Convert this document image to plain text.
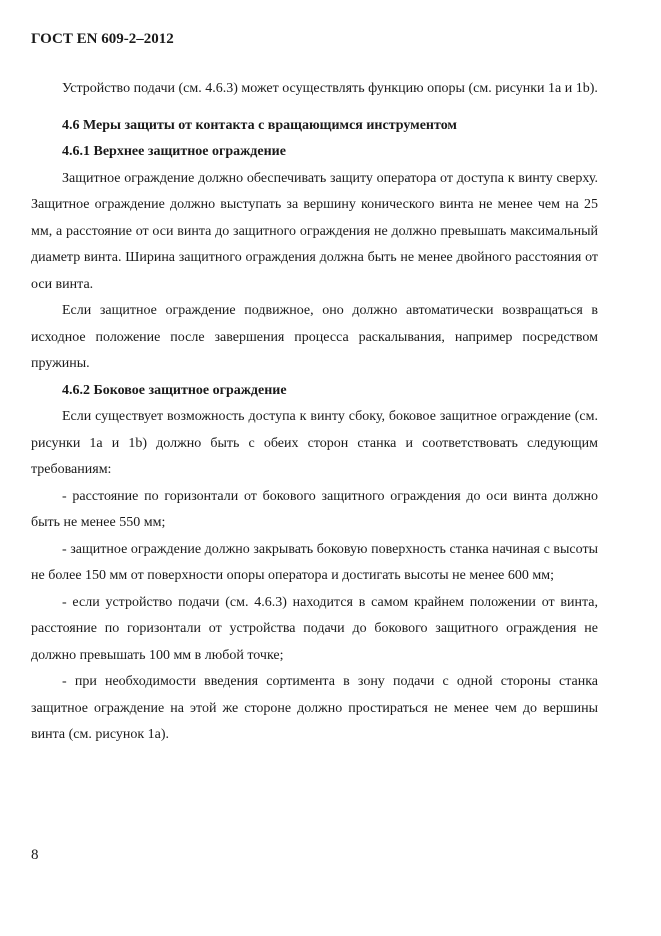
ГОСТ EN 609-2–2012

Устройство подачи (см. 4.6.3) может осуществлять функцию опоры (см. рисунки 1а и 1b).

4.6 Меры защиты от контакта с вращающимся инструментом

4.6.1 Верхнее защитное ограждение

Защитное ограждение должно обеспечивать защиту оператора от доступа к винту сверху. Защитное ограждение должно выступать за вершину конического винта не менее чем на 25 мм, а расстояние от оси винта до защитного ограждения не должно превышать максимальный диаметр винта. Ширина защитного ограждения должна быть не менее двойного расстояния от оси винта.

Если защитное ограждение подвижное, оно должно автоматически возвращаться в исходное положение после завершения процесса раскалывания, например посредством пружины.

4.6.2 Боковое защитное ограждение

Если существует возможность доступа к винту сбоку, боковое защитное ограждение (см. рисунки 1а и 1b) должно быть с обеих сторон станка и соответствовать следующим требованиям:

- расстояние по горизонтали от бокового защитного ограждения до оси винта должно быть не менее 550 мм;

- защитное ограждение должно закрывать боковую поверхность станка начиная с высоты не более 150 мм от поверхности опоры оператора и достигать высоты не менее 600 мм;

- если устройство подачи (см. 4.6.3) находится в самом крайнем положении от винта, расстояние по горизонтали от устройства подачи до бокового защитного ограждения не должно превышать 100 мм в любой точке;

- при необходимости введения сортимента в зону подачи с одной стороны станка защитное ограждение на этой же стороне должно простираться не менее чем до вершины винта (см. рисунок 1а).

8
